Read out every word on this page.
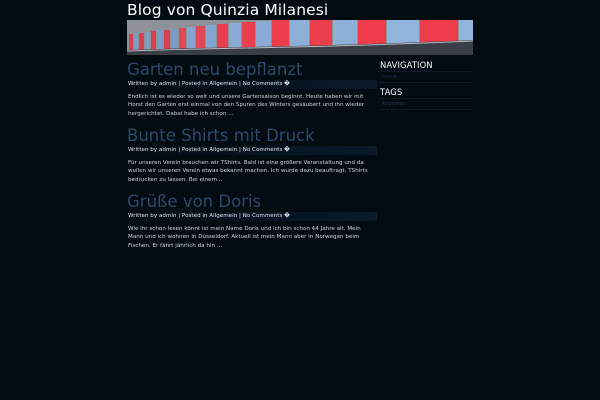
Blog von Quinzia Milanesi
Garten neu bepflanzt
Written by admin | Posted in Allgemein | No Comments �
Endlich ist es wieder so weit und unsere Gartensaison beginnt. Heute haben wir mit Horst den Garten erst einmal von den Spuren des Winters gesäubert und ihn wieder hergerichtet. Dabei habe ich schon …
Bunte Shirts mit Druck
Written by admin | Posted in Allgemein | No Comments �
Für unseren Verein brauchen wir TShirts. Bald ist eine größere Veranstaltung und da wollen wir unseren Verein etwas bekannt machen. Ich wurde dazu beauftragt, TShirts bedrucken zu lassen. Bei einem…
Grüße von Doris
Written by admin | Posted in Allgemein | No Comments �
Wie ihr schon lesen könnt ist mein Name Doris und ich bin schon 44 Jahre alt. Mein Mann und ich wohnen in Düsseldorf. Aktuell ist mein Mann aber in Norwegen beim Fischen. Er fährt jährlich da hin …
NAVIGATION
Home
TAGS
Allgemein
